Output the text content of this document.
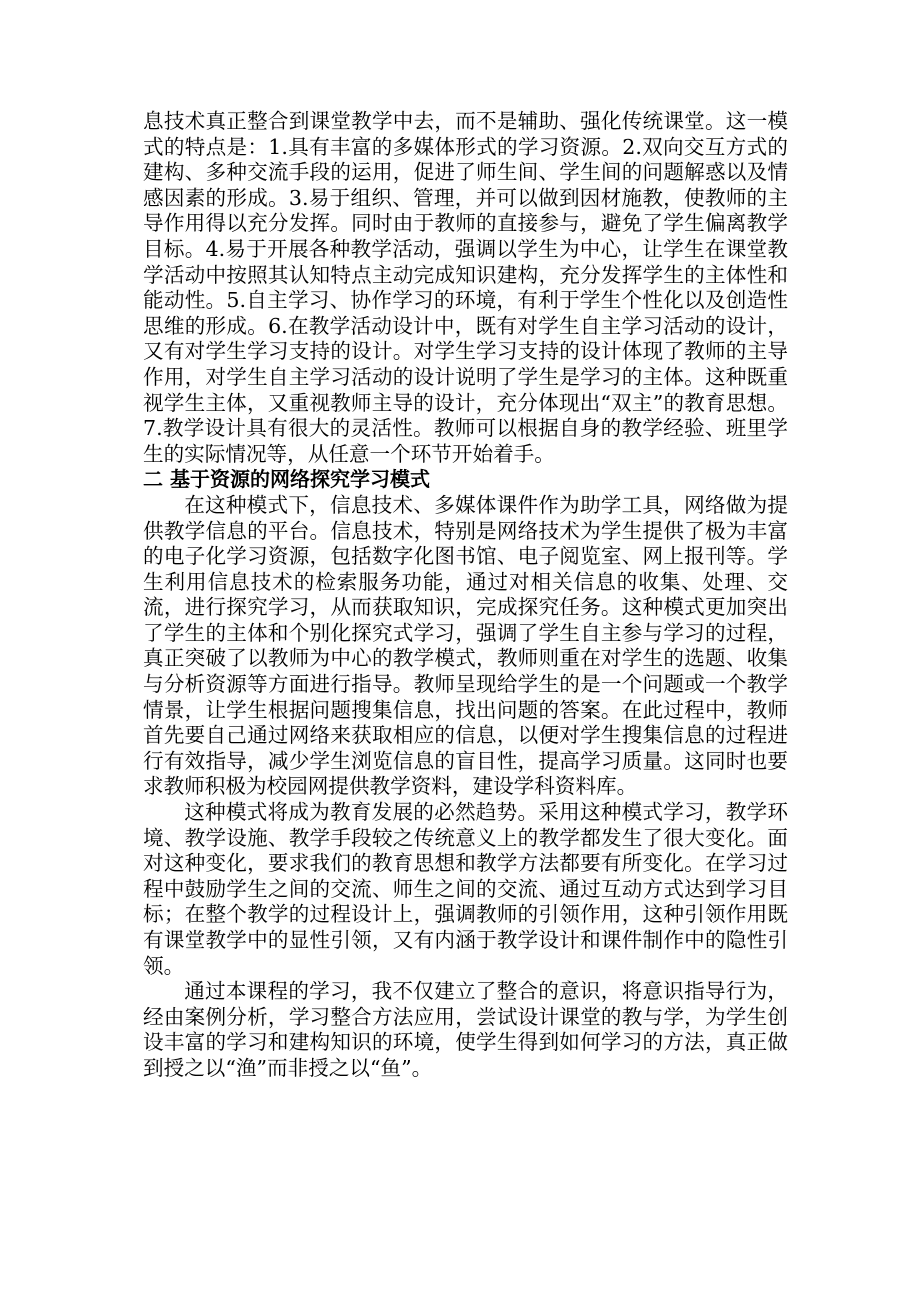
息技术真正整合到课堂教学中去，而不是辅助、强化传统课堂。这一模式的特点是：1.具有丰富的多媒体形式的学习资源。2.双向交互方式的建构、多种交流手段的运用，促进了师生间、学生间的问题解惑以及情感因素的形成。3.易于组织、管理，并可以做到因材施教，使教师的主导作用得以充分发挥。同时由于教师的直接参与，避免了学生偏离教学目标。4.易于开展各种教学活动，强调以学生为中心，让学生在课堂教学活动中按照其认知特点主动完成知识建构，充分发挥学生的主体性和能动性。5.自主学习、协作学习的环境，有利于学生个性化以及创造性思维的形成。6.在教学活动设计中，既有对学生自主学习活动的设计，又有对学生学习支持的设计。对学生学习支持的设计体现了教师的主导作用，对学生自主学习活动的设计说明了学生是学习的主体。这种既重视学生主体，又重视教师主导的设计，充分体现出“双主”的教育思想。7.教学设计具有很大的灵活性。教师可以根据自身的教学经验、班里学生的实际情况等，从任意一个环节开始着手。

二 基于资源的网络探究学习模式

在这种模式下，信息技术、多媒体课件作为助学工具，网络做为提供教学信息的平台。信息技术，特别是网络技术为学生提供了极为丰富的电子化学习资源，包括数字化图书馆、电子阅览室、网上报刊等。学生利用信息技术的检索服务功能，通过对相关信息的收集、处理、交流，进行探究学习，从而获取知识，完成探究任务。这种模式更加突出了学生的主体和个别化探究式学习，强调了学生自主参与学习的过程，真正突破了以教师为中心的教学模式，教师则重在对学生的选题、收集与分析资源等方面进行指导。教师呈现给学生的是一个问题或一个教学情景，让学生根据问题搜集信息，找出问题的答案。在此过程中，教师首先要自己通过网络来获取相应的信息，以便对学生搜集信息的过程进行有效指导，减少学生浏览信息的盲目性，提高学习质量。这同时也要求教师积极为校园网提供教学资料，建设学科资料库。

这种模式将成为教育发展的必然趋势。采用这种模式学习，教学环境、教学设施、教学手段较之传统意义上的教学都发生了很大变化。面对这种变化，要求我们的教育思想和教学方法都要有所变化。在学习过程中鼓励学生之间的交流、师生之间的交流、通过互动方式达到学习目标；在整个教学的过程设计上，强调教师的引领作用，这种引领作用既有课堂教学中的显性引领，又有内涵于教学设计和课件制作中的隐性引领。

通过本课程的学习，我不仅建立了整合的意识，将意识指导行为，经由案例分析，学习整合方法应用，尝试设计课堂的教与学，为学生创设丰富的学习和建构知识的环境，使学生得到如何学习的方法，真正做到授之以“渔”而非授之以“鱼”。
